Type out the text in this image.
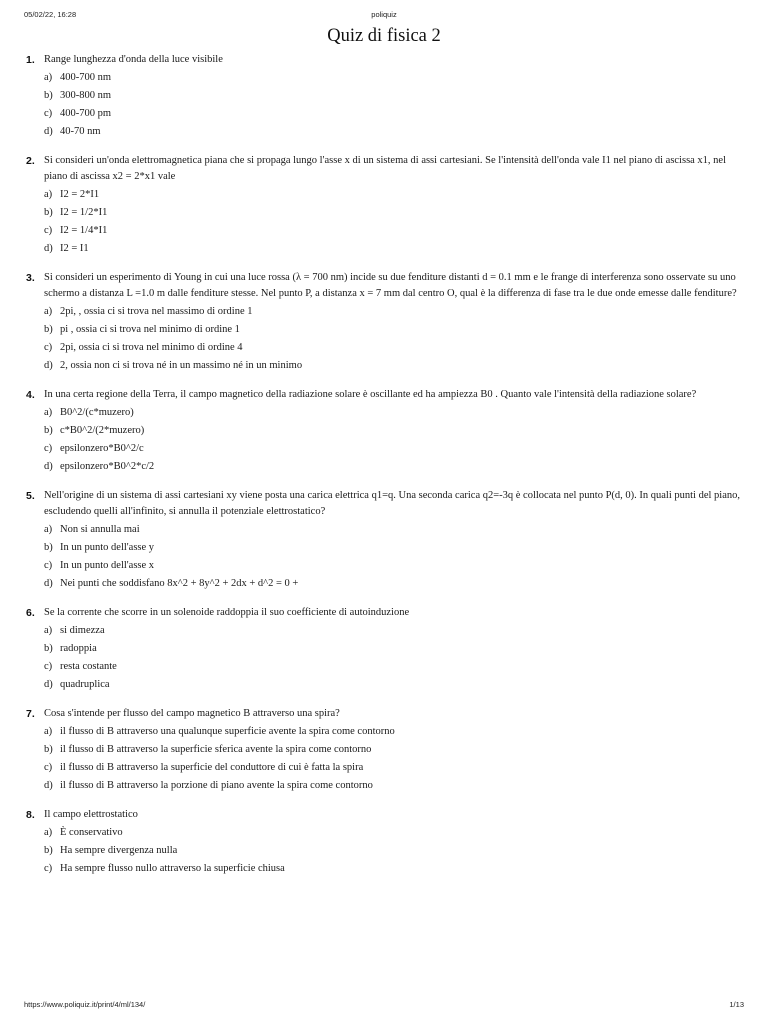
05/02/22, 16:28	poliquiz
Quiz di fisica 2
1. Range lunghezza d'onda della luce visibile
a) 400-700 nm
b) 300-800 nm
c) 400-700 pm
d) 40-70 nm
2. Si consideri un'onda elettromagnetica piana che si propaga lungo l'asse x di un sistema di assi cartesiani. Se l'intensità dell'onda vale I1 nel piano di ascissa x1, nel piano di ascissa x2 = 2*x1 vale
a) I2 = 2*I1
b) I2 = 1/2*I1
c) I2 = 1/4*I1
d) I2 = I1
3. Si consideri un esperimento di Young in cui una luce rossa (λ = 700 nm) incide su due fenditure distanti d = 0.1 mm e le frange di interferenza sono osservate su uno schermo a distanza L =1.0 m dalle fenditure stesse. Nel punto P, a distanza x = 7 mm dal centro O, qual è la differenza di fase tra le due onde emesse dalle fenditure?
a) 2pi, , ossia ci si trova nel massimo di ordine 1
b) pi , ossia ci si trova nel minimo di ordine 1
c) 2pi, ossia ci si trova nel minimo di ordine 4
d) 2, ossia non ci si trova né in un massimo né in un minimo
4. In una certa regione della Terra, il campo magnetico della radiazione solare è oscillante ed ha ampiezza B0 . Quanto vale l'intensità della radiazione solare?
a) B0^2/(c*muzero)
b) c*B0^2/(2*muzero)
c) epsilonzero*B0^2/c
d) epsilonzero*B0^2*c/2
5. Nell'origine di un sistema di assi cartesiani xy viene posta una carica elettrica q1=q. Una seconda carica q2=-3q è collocata nel punto P(d, 0). In quali punti del piano, escludendo quelli all'infinito, si annulla il potenziale elettrostatico?
a) Non si annulla mai
b) In un punto dell'asse y
c) In un punto dell'asse x
d) Nei punti che soddisfano 8x^2 + 8y^2 + 2dx + d^2 = 0 +
6. Se la corrente che scorre in un solenoide raddoppia il suo coefficiente di autoinduzione
a) si dimezza
b) radoppia
c) resta costante
d) quadruplica
7. Cosa s'intende per flusso del campo magnetico B attraverso una spira?
a) il flusso di B attraverso una qualunque superficie avente la spira come contorno
b) il flusso di B attraverso la superficie sferica avente la spira come contorno
c) il flusso di B attraverso la superficie del conduttore di cui è fatta la spira
d) il flusso di B attraverso la porzione di piano avente la spira come contorno
8. Il campo elettrostatico
a) È conservativo
b) Ha sempre divergenza nulla
c) Ha sempre flusso nullo attraverso la superficie chiusa
https://www.poliquiz.it/print/4/ml/134/	1/13
